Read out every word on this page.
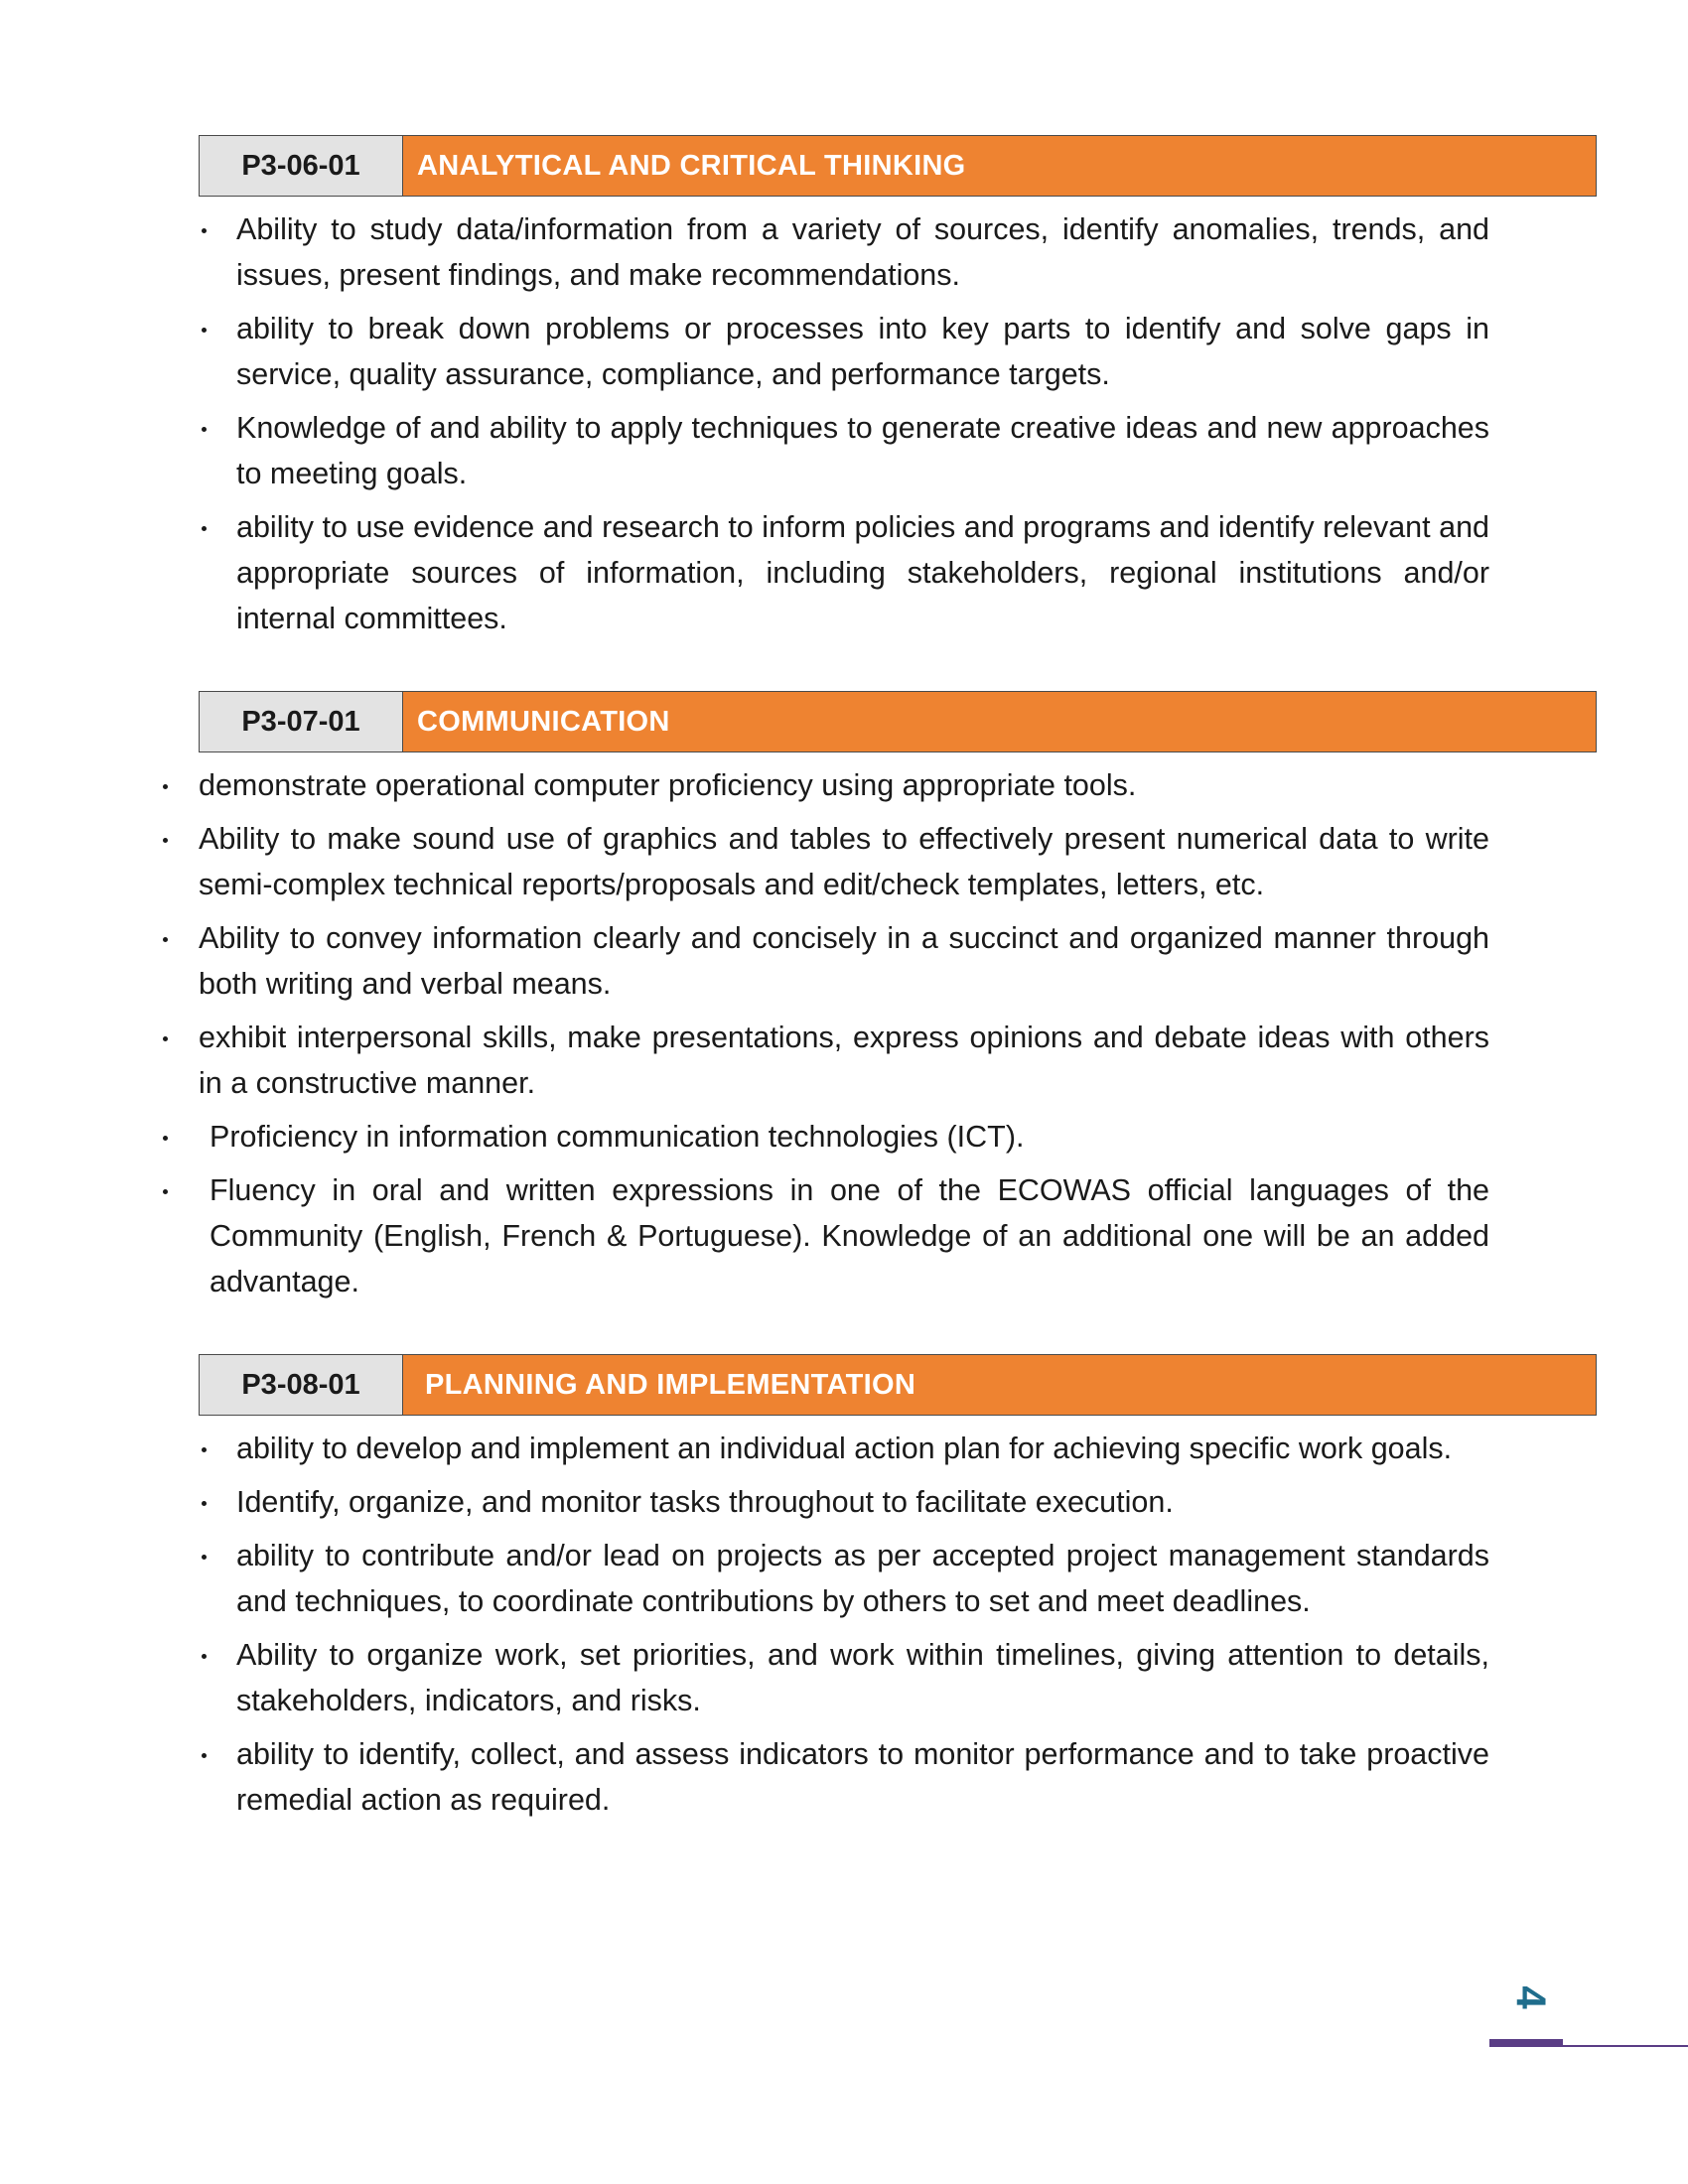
P3-06-01	ANALYTICAL AND CRITICAL THINKING
Ability to study data/information from a variety of sources, identify anomalies, trends, and issues, present findings, and make recommendations.
ability to break down problems or processes into key parts to identify and solve gaps in service, quality assurance, compliance, and performance targets.
Knowledge of and ability to apply techniques to generate creative ideas and new approaches to meeting goals.
ability to use evidence and research to inform policies and programs and identify relevant and appropriate sources of information, including stakeholders, regional institutions and/or internal committees.
P3-07-01	COMMUNICATION
demonstrate operational computer proficiency using appropriate tools.
Ability to make sound use of graphics and tables to effectively present numerical data to write semi-complex technical reports/proposals and edit/check templates, letters, etc.
Ability to convey information clearly and concisely in a succinct and organized manner through both writing and verbal means.
exhibit interpersonal skills, make presentations, express opinions and debate ideas with others in a constructive manner.
Proficiency in information communication technologies (ICT).
Fluency in oral and written expressions in one of the ECOWAS official languages of the Community (English, French & Portuguese). Knowledge of an additional one will be an added advantage.
P3-08-01	PLANNING AND IMPLEMENTATION
ability to develop and implement an individual action plan for achieving specific work goals.
Identify, organize, and monitor tasks throughout to facilitate execution.
ability to contribute and/or lead on projects as per accepted project management standards and techniques, to coordinate contributions by others to set and meet deadlines.
Ability to organize work, set priorities, and work within timelines, giving attention to details, stakeholders, indicators, and risks.
ability to identify, collect, and assess indicators to monitor performance and to take proactive remedial action as required.
4
